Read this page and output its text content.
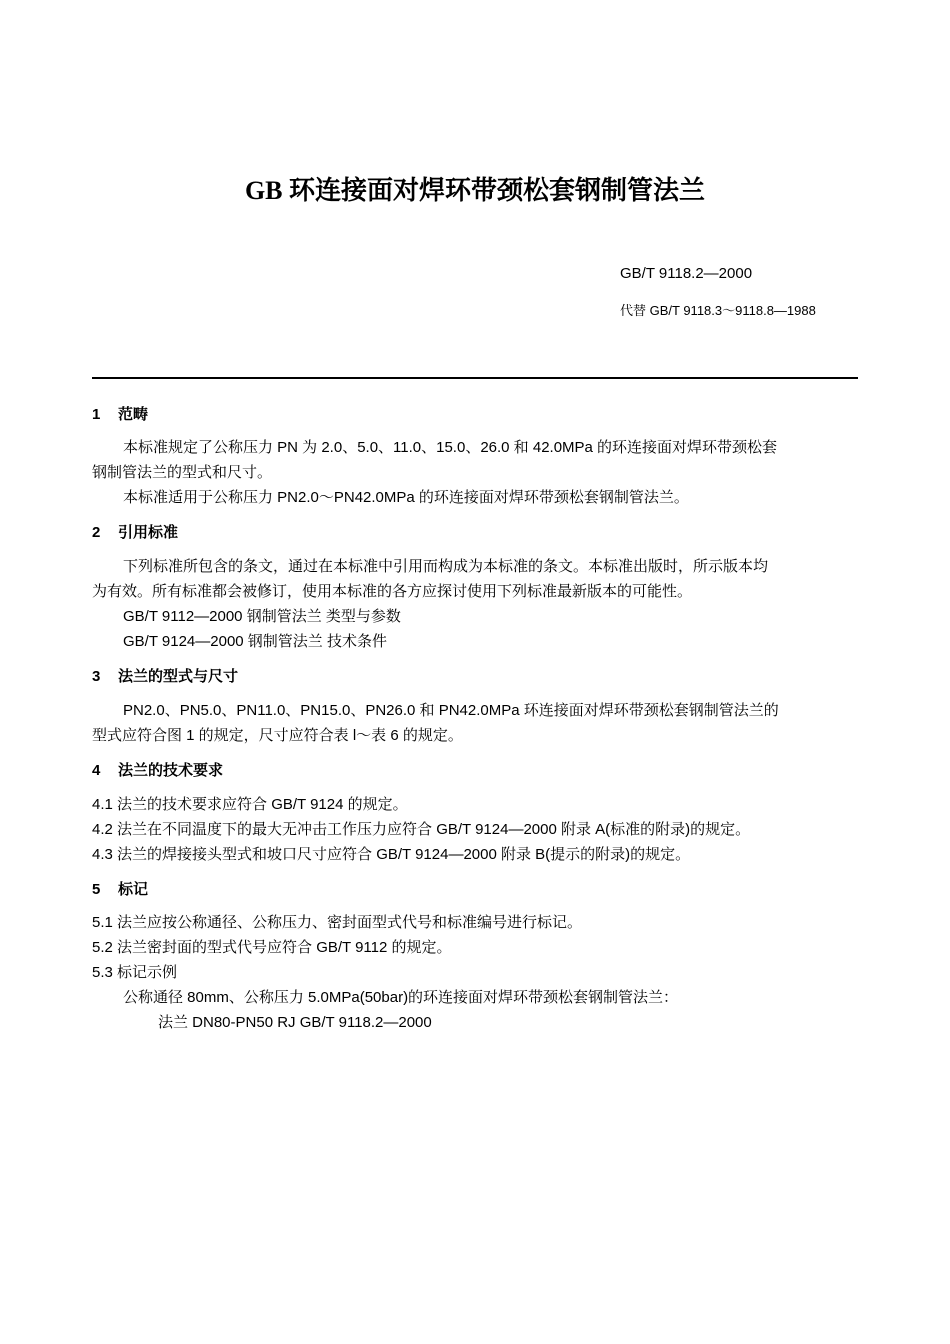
GB 环连接面对焊环带颈松套钢制管法兰
GB/T 9118.2—2000
代替 GB/T 9118.3～9118.8—1988
1 范畴
本标准规定了公称压力 PN 为 2.0、5.0、11.0、15.0、26.0 和 42.0MPa 的环连接面对焊环带颈松套
钢制管法兰的型式和尺寸。
本标准适用于公称压力 PN2.0～PN42.0MPa 的环连接面对焊环带颈松套钢制管法兰。
2 引用标准
下列标准所包含的条文，通过在本标准中引用而构成为本标准的条文。本标准出版时，所示版本均
为有效。所有标准都会被修订，使用本标准的各方应探讨使用下列标准最新版本的可能性。
GB/T 9112—2000 钢制管法兰 类型与参数
GB/T 9124—2000 钢制管法兰 技术条件
3 法兰的型式与尺寸
PN2.0、PN5.0、PN11.0、PN15.0、PN26.0 和 PN42.0MPa 环连接面对焊环带颈松套钢制管法兰的
型式应符合图 1 的规定，尺寸应符合表 l～表 6 的规定。
4 法兰的技术要求
4.1 法兰的技术要求应符合 GB/T 9124 的规定。
4.2 法兰在不同温度下的最大无冲击工作压力应符合 GB/T 9124—2000 附录 A(标准的附录)的规定。
4.3 法兰的焊接接头型式和坡口尺寸应符合 GB/T 9124—2000 附录 B(提示的附录)的规定。
5 标记
5.1 法兰应按公称通径、公称压力、密封面型式代号和标准编号进行标记。
5.2 法兰密封面的型式代号应符合 GB/T 9112 的规定。
5.3 标记示例
公称通径 80mm、公称压力 5.0MPa(50bar)的环连接面对焊环带颈松套钢制管法兰：
法兰 DN80-PN50 RJ GB/T 9118.2—2000
